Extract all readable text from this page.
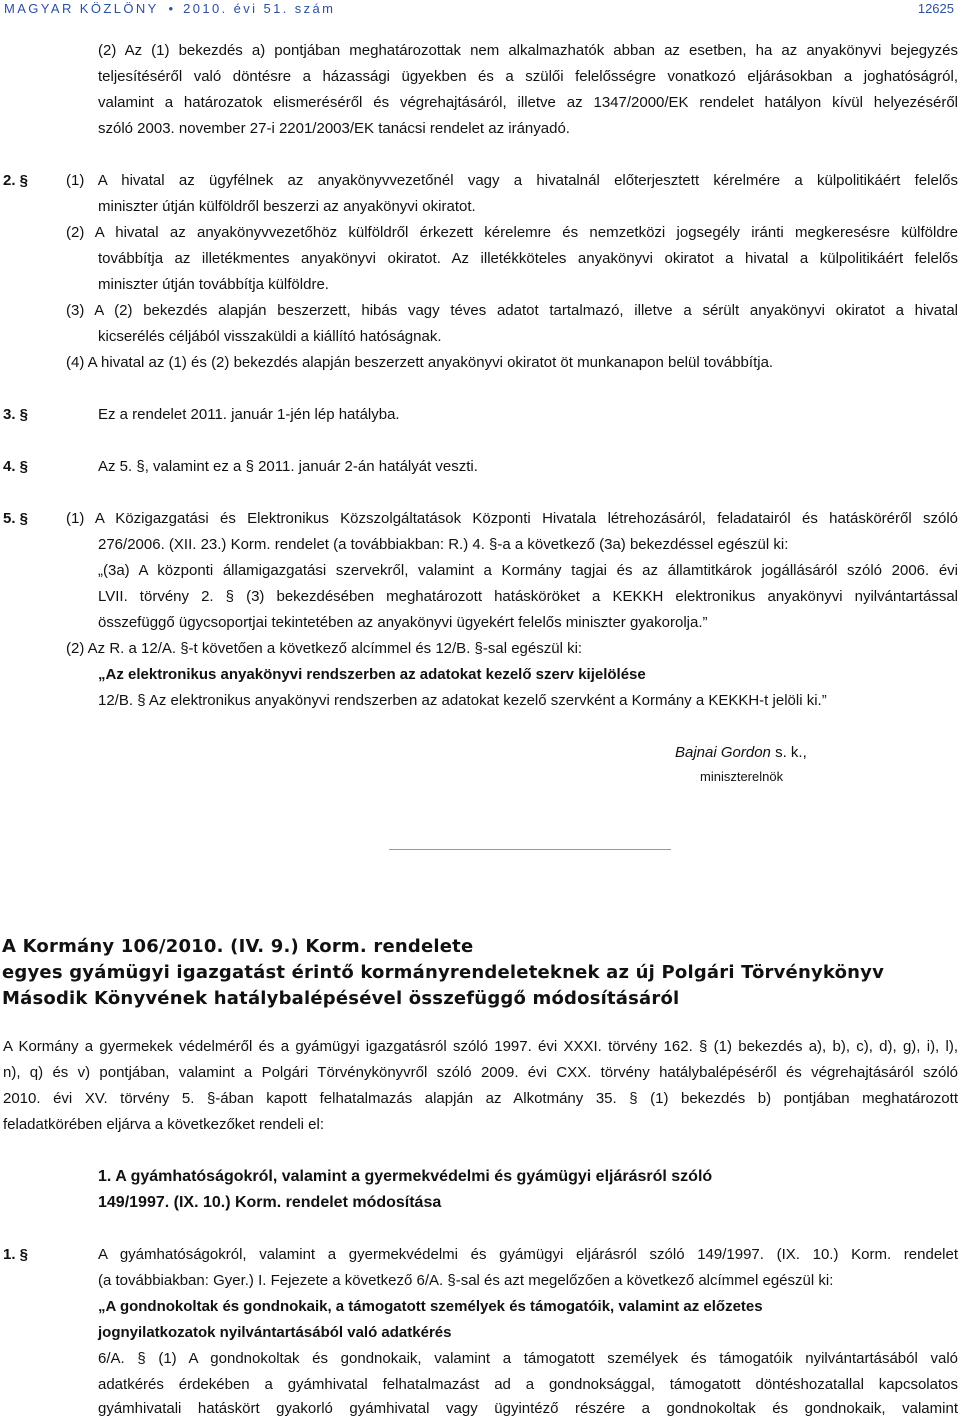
MAGYAR KÖZLÖNY • 2010. évi 51. szám	12625
(2) Az (1) bekezdés a) pontjában meghatározottak nem alkalmazhatók abban az esetben, ha az anyakönyvi bejegyzés
teljesítéséről való döntésre a házassági ügyekben és a szülői felelősségre vonatkozó eljárásokban a joghatóságról,
valamint a határozatok elismeréséről és végrehajtásáról, illetve az 1347/2000/EK rendelet hatályon kívül helyezéséről
szóló 2003. november 27-i 2201/2003/EK tanácsi rendelet az irányadó.
2. §	(1) A hivatal az ügyfélnek az anyakönyvvezetőnél vagy a hivatalnál előterjesztett kérelmére a külpolitikáért felelős
miniszter útján külföldről beszerzi az anyakönyvi okiratot.
(2) A hivatal az anyakönyvvezetőhöz külföldről érkezett kérelemre és nemzetközi jogsegély iránti megkeresésre külföldre
továbbítja az illetékmentes anyakönyvi okiratot. Az illetékköteles anyakönyvi okiratot a hivatal a külpolitikáért felelős
miniszter útján továbbítja külföldre.
(3) A (2) bekezdés alapján beszerzett, hibás vagy téves adatot tartalmazó, illetve a sérült anyakönyvi okiratot a hivatal
kicserélés céljából visszaküldi a kiállító hatóságnak.
(4) A hivatal az (1) és (2) bekezdés alapján beszerzett anyakönyvi okiratot öt munkanapon belül továbbítja.
3. §	Ez a rendelet 2011. január 1-jén lép hatályba.
4. §	Az 5. §, valamint ez a § 2011. január 2-án hatályát veszti.
5. §	(1) A Közigazgatási és Elektronikus Közszolgáltatások Központi Hivatala létrehozásáról, feladatairól és hatásköréről szóló
276/2006. (XII. 23.) Korm. rendelet (a továbbiakban: R.) 4. §-a a következő (3a) bekezdéssel egészül ki:
„(3a) A központi államigazgatási szervekről, valamint a Kormány tagjai és az államtitkárok jogállásáról szóló 2006. évi
LVII. törvény 2. § (3) bekezdésében meghatározott hatásköröket a KEKKH elektronikus anyakönyvi nyilvántartással
összefüggő ügycsoportjai tekintetében az anyakönyvi ügyekért felelős miniszter gyakorolja.”
(2) Az R. a 12/A. §-t követően a következő alcímmel és 12/B. §-sal egészül ki:
„Az elektronikus anyakönyvi rendszerben az adatokat kezelő szerv kijelölése
12/B. § Az elektronikus anyakönyvi rendszerben az adatokat kezelő szervként a Kormány a KEKKH-t jelöli ki.”
Bajnai Gordon s. k.,
miniszterelnök
A Kormány 106/2010. (IV. 9.) Korm. rendelete
egyes gyámügyi igazgatást érintő kormányrendeleteknek az új Polgári Törvénykönyv
Második Könyvének hatálybalépésével összefüggő módosításáról
A Kormány a gyermekek védelméről és a gyámügyi igazgatásról szóló 1997. évi XXXI. törvény 162. § (1) bekezdés a), b), c), d), g), i), l),
n), q) és v) pontjában, valamint a Polgári Törvénykönyvről szóló 2009. évi CXX. törvény hatálybalépéséről és végrehajtásáról szóló
2010. évi XV. törvény 5. §-ában kapott felhatalmazás alapján az Alkotmány 35. § (1) bekezdés b) pontjában meghatározott
feladatkörében eljárva a következőket rendeli el:
1. A gyámhatóságokról, valamint a gyermekvédelmi és gyámügyi eljárásról szóló
149/1997. (IX. 10.) Korm. rendelet módosítása
1. §	A gyámhatóságokról, valamint a gyermekvédelmi és gyámügyi eljárásról szóló 149/1997. (IX. 10.) Korm. rendelet
(a továbbiakban: Gyer.) I. Fejezete a következő 6/A. §-sal és azt megelőzően a következő alcímmel egészül ki:
„A gondnokoltak és gondnokaik, a támogatott személyek és támogatóik, valamint az előzetes
jognyilatkozatok nyilvántartásából való adatkérés
6/A. § (1) A gondnokoltak és gondnokaik, valamint a támogatott személyek és támogatóik nyilvántartásából való
adatkérés érdekében a gyámhivatal felhatalmazást ad a gondnoksággal, támogatott döntéshozatallal kapcsolatos
gyámhivatali hatáskört gyakorló gyámhivatal vagy ügyintéző részére a gondnokoltak és gondnokaik, valamint
